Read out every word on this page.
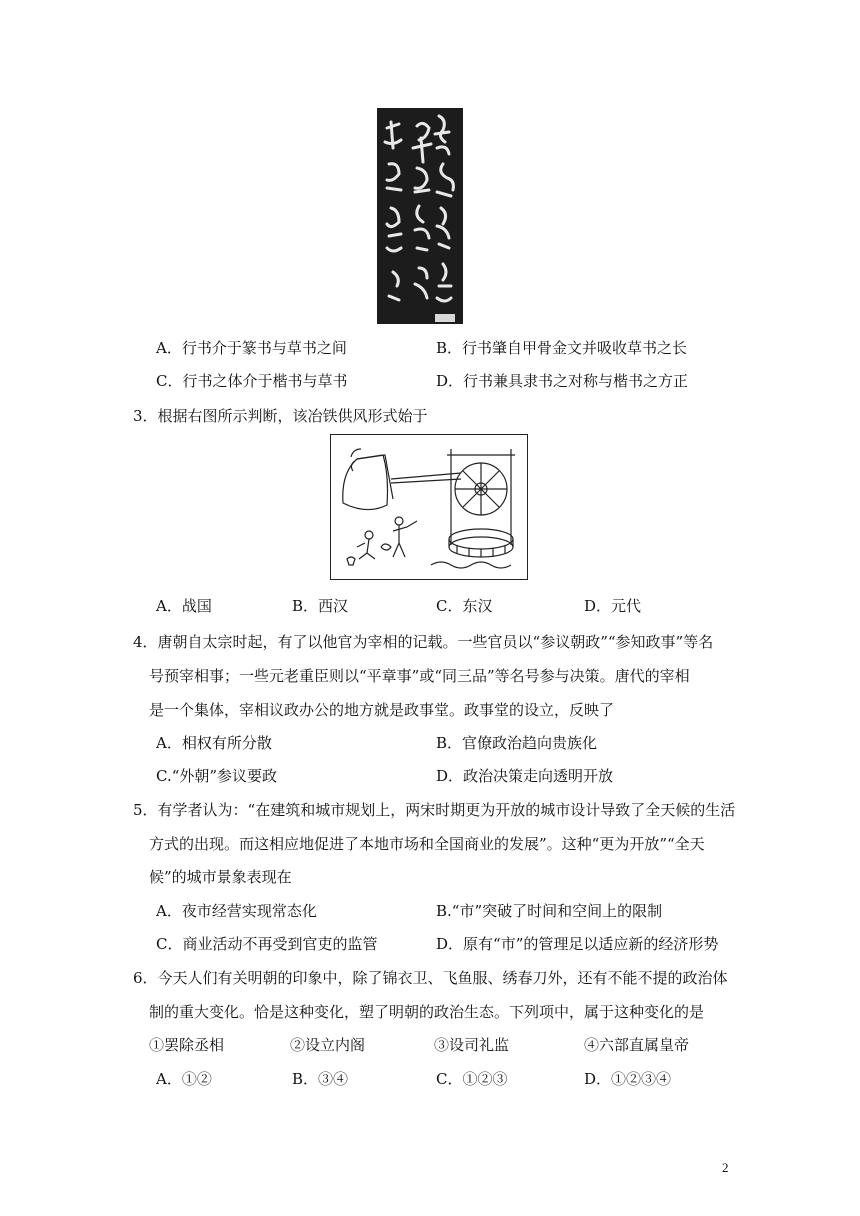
A．行书介于篆书与草书之间	B．行书肇自甲骨金文并吸收草书之长
C．行书之体介于楷书与草书	D．行书兼具隶书之对称与楷书之方正
3．根据右图所示判断，该冶铁供风形式始于
A．战国	B．西汉	C．东汉	D．元代
4．唐朝自太宗时起，有了以他官为宰相的记载。一些官员以“参议朝政”“参知政事”等名
号预宰相事；一些元老重臣则以“平章事”或“同三品”等名号参与决策。唐代的宰相
是一个集体，宰相议政办公的地方就是政事堂。政事堂的设立，反映了
A．相权有所分散	B．官僚政治趋向贵族化
C.“外朝”参议要政	D．政治决策走向透明开放
5．有学者认为：“在建筑和城市规划上，两宋时期更为开放的城市设计导致了全天候的生活
方式的出现。而这相应地促进了本地市场和全国商业的发展”。这种“更为开放”“全天
候”的城市景象表现在
A．夜市经营实现常态化	B.“市”突破了时间和空间上的限制
C．商业活动不再受到官吏的监管	D．原有“市”的管理足以适应新的经济形势
6．今天人们有关明朝的印象中，除了锦衣卫、飞鱼服、绣春刀外，还有不能不提的政治体
制的重大变化。恰是这种变化，塑了明朝的政治生态。下列项中，属于这种变化的是
①罢除丞相	②设立内阁	③设司礼监	④六部直属皇帝
A．①②	B．③④	C．①②③	D．①②③④
2
